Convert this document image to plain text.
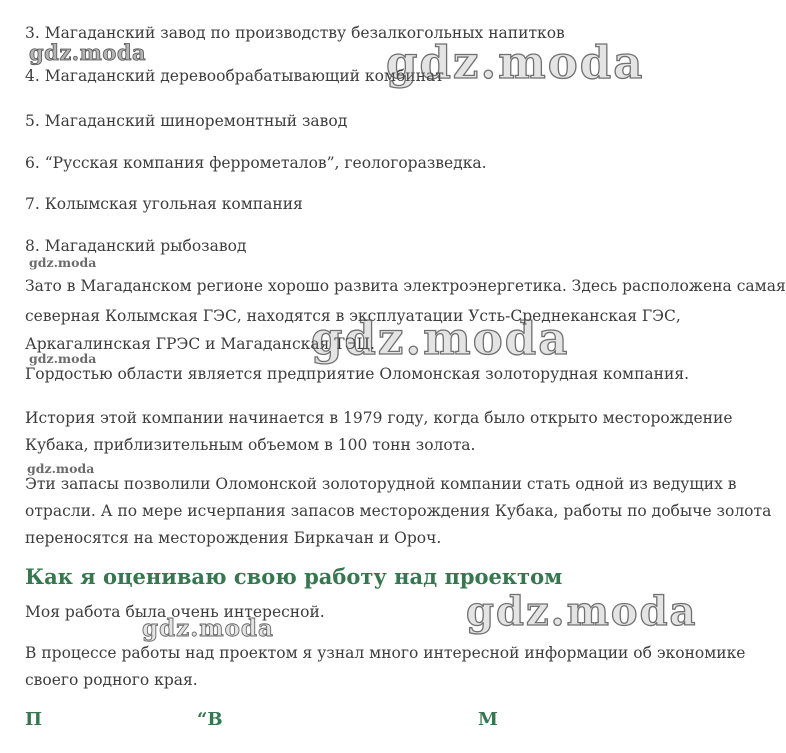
3. Магаданский завод по производству безалкогольных напитков
4. Магаданский деревообрабатывающий комбинат
5. Магаданский шиноремонтный завод
6. “Русская компания феррометалов”, геологоразведка.
7. Колымская угольная компания
8. Магаданский рыбозавод
Зато в Магаданском регионе хорошо развита электроэнергетика. Здесь расположена самая
северная Колымская ГЭС, находятся в эксплуатации Усть-Среднеканская ГЭС,
Аркагалинская ГРЭС и Магаданская ТЭЦ.
Гордостью области является предприятие Оломонская золоторудная компания.
История этой компании начинается в 1979 году, когда было открыто месторождение
Кубака, приблизительным объемом в 100 тонн золота.
Эти запасы позволили Оломонской золоторудной компании стать одной из ведущих в
отрасли. А по мере исчерпания запасов месторождения Кубака, работы по добыче золота
переносятся на месторождения Биркачан и Ороч.
Как я оцениваю свою работу над проектом
Моя работа была очень интересной.
В процессе работы над проектом я узнал много интересной информации об экономике
своего родного края.
gdz.moda	gdz.moda
gdz.moda
gdz.moda
gdz.moda
gdz.moda
gdz.moda
gdz.moda
П	“В	М
